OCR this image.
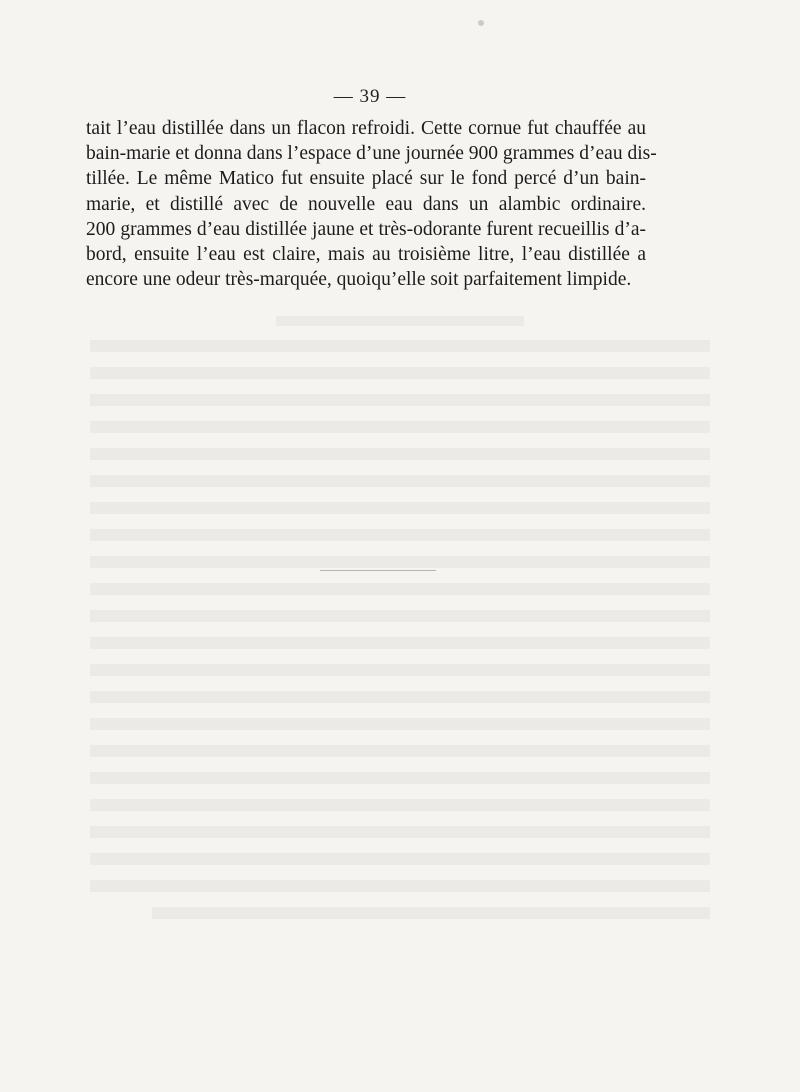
— 39 —
tait l’eau distillée dans un flacon refroidi. Cette cornue fut chauffée au
bain-marie et donna dans l’espace d’une journée 900 grammes d’eau dis-
tillée. Le même Matico fut ensuite placé sur le fond percé d’un bain-
marie, et distillé avec de nouvelle eau dans un alambic ordinaire.
200 grammes d’eau distillée jaune et très-odorante furent recueillis d’a-
bord, ensuite l’eau est claire, mais au troisième litre, l’eau distillée a
encore une odeur très-marquée, quoiqu’elle soit parfaitement limpide.
